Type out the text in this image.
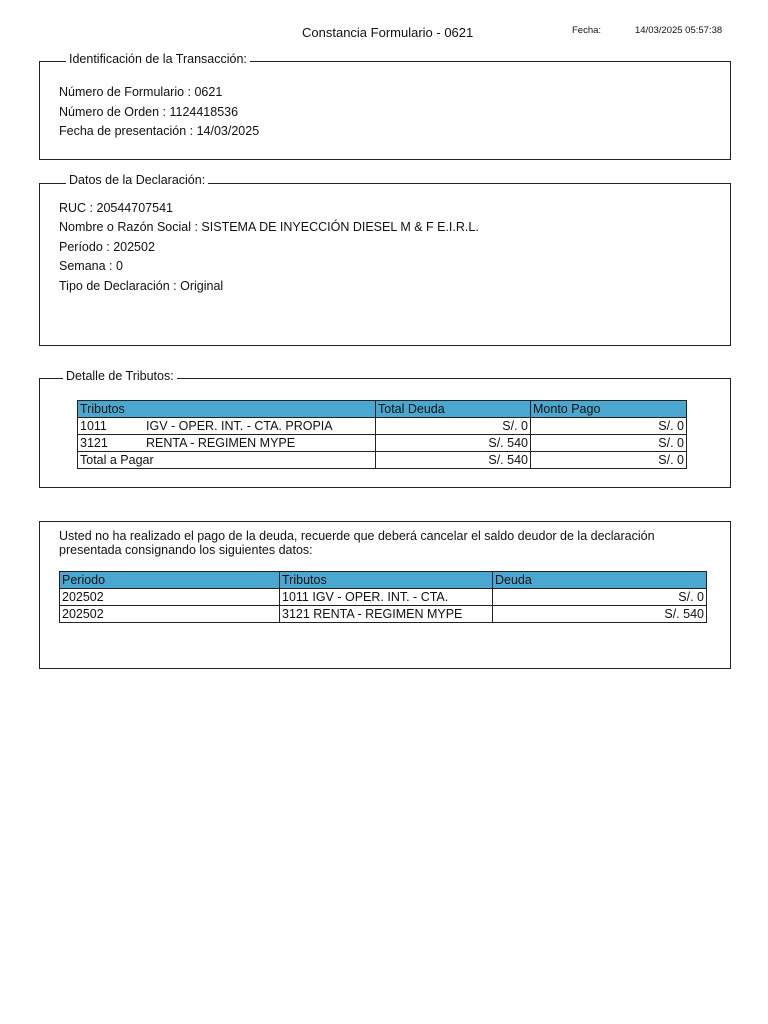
Constancia Formulario - 0621	Fecha:	14/03/2025 05:57:38
Identificación de la Transacción:
Número de Formulario : 0621
Número de Orden : 1124418536
Fecha de presentación : 14/03/2025
Datos de la Declaración:
RUC : 20544707541
Nombre o Razón Social : SISTEMA DE INYECCIÓN DIESEL M & F E.I.R.L.
Período : 202502
Semana : 0
Tipo de Declaración : Original
Detalle de Tributos:
Tributos	Total Deuda	Monto Pago
1011 IGV - OPER. INT. - CTA. PROPIA	S/. 0	S/. 0
3121 RENTA - REGIMEN MYPE	S/. 540	S/. 0
Total a Pagar	S/. 540	S/. 0
Usted no ha realizado el pago de la deuda, recuerde que deberá cancelar el saldo deudor de la declaración presentada consignando los siguientes datos:
Periodo	Tributos	Deuda
202502	1011 IGV - OPER. INT. - CTA.	S/. 0
202502	3121 RENTA - REGIMEN MYPE	S/. 540
